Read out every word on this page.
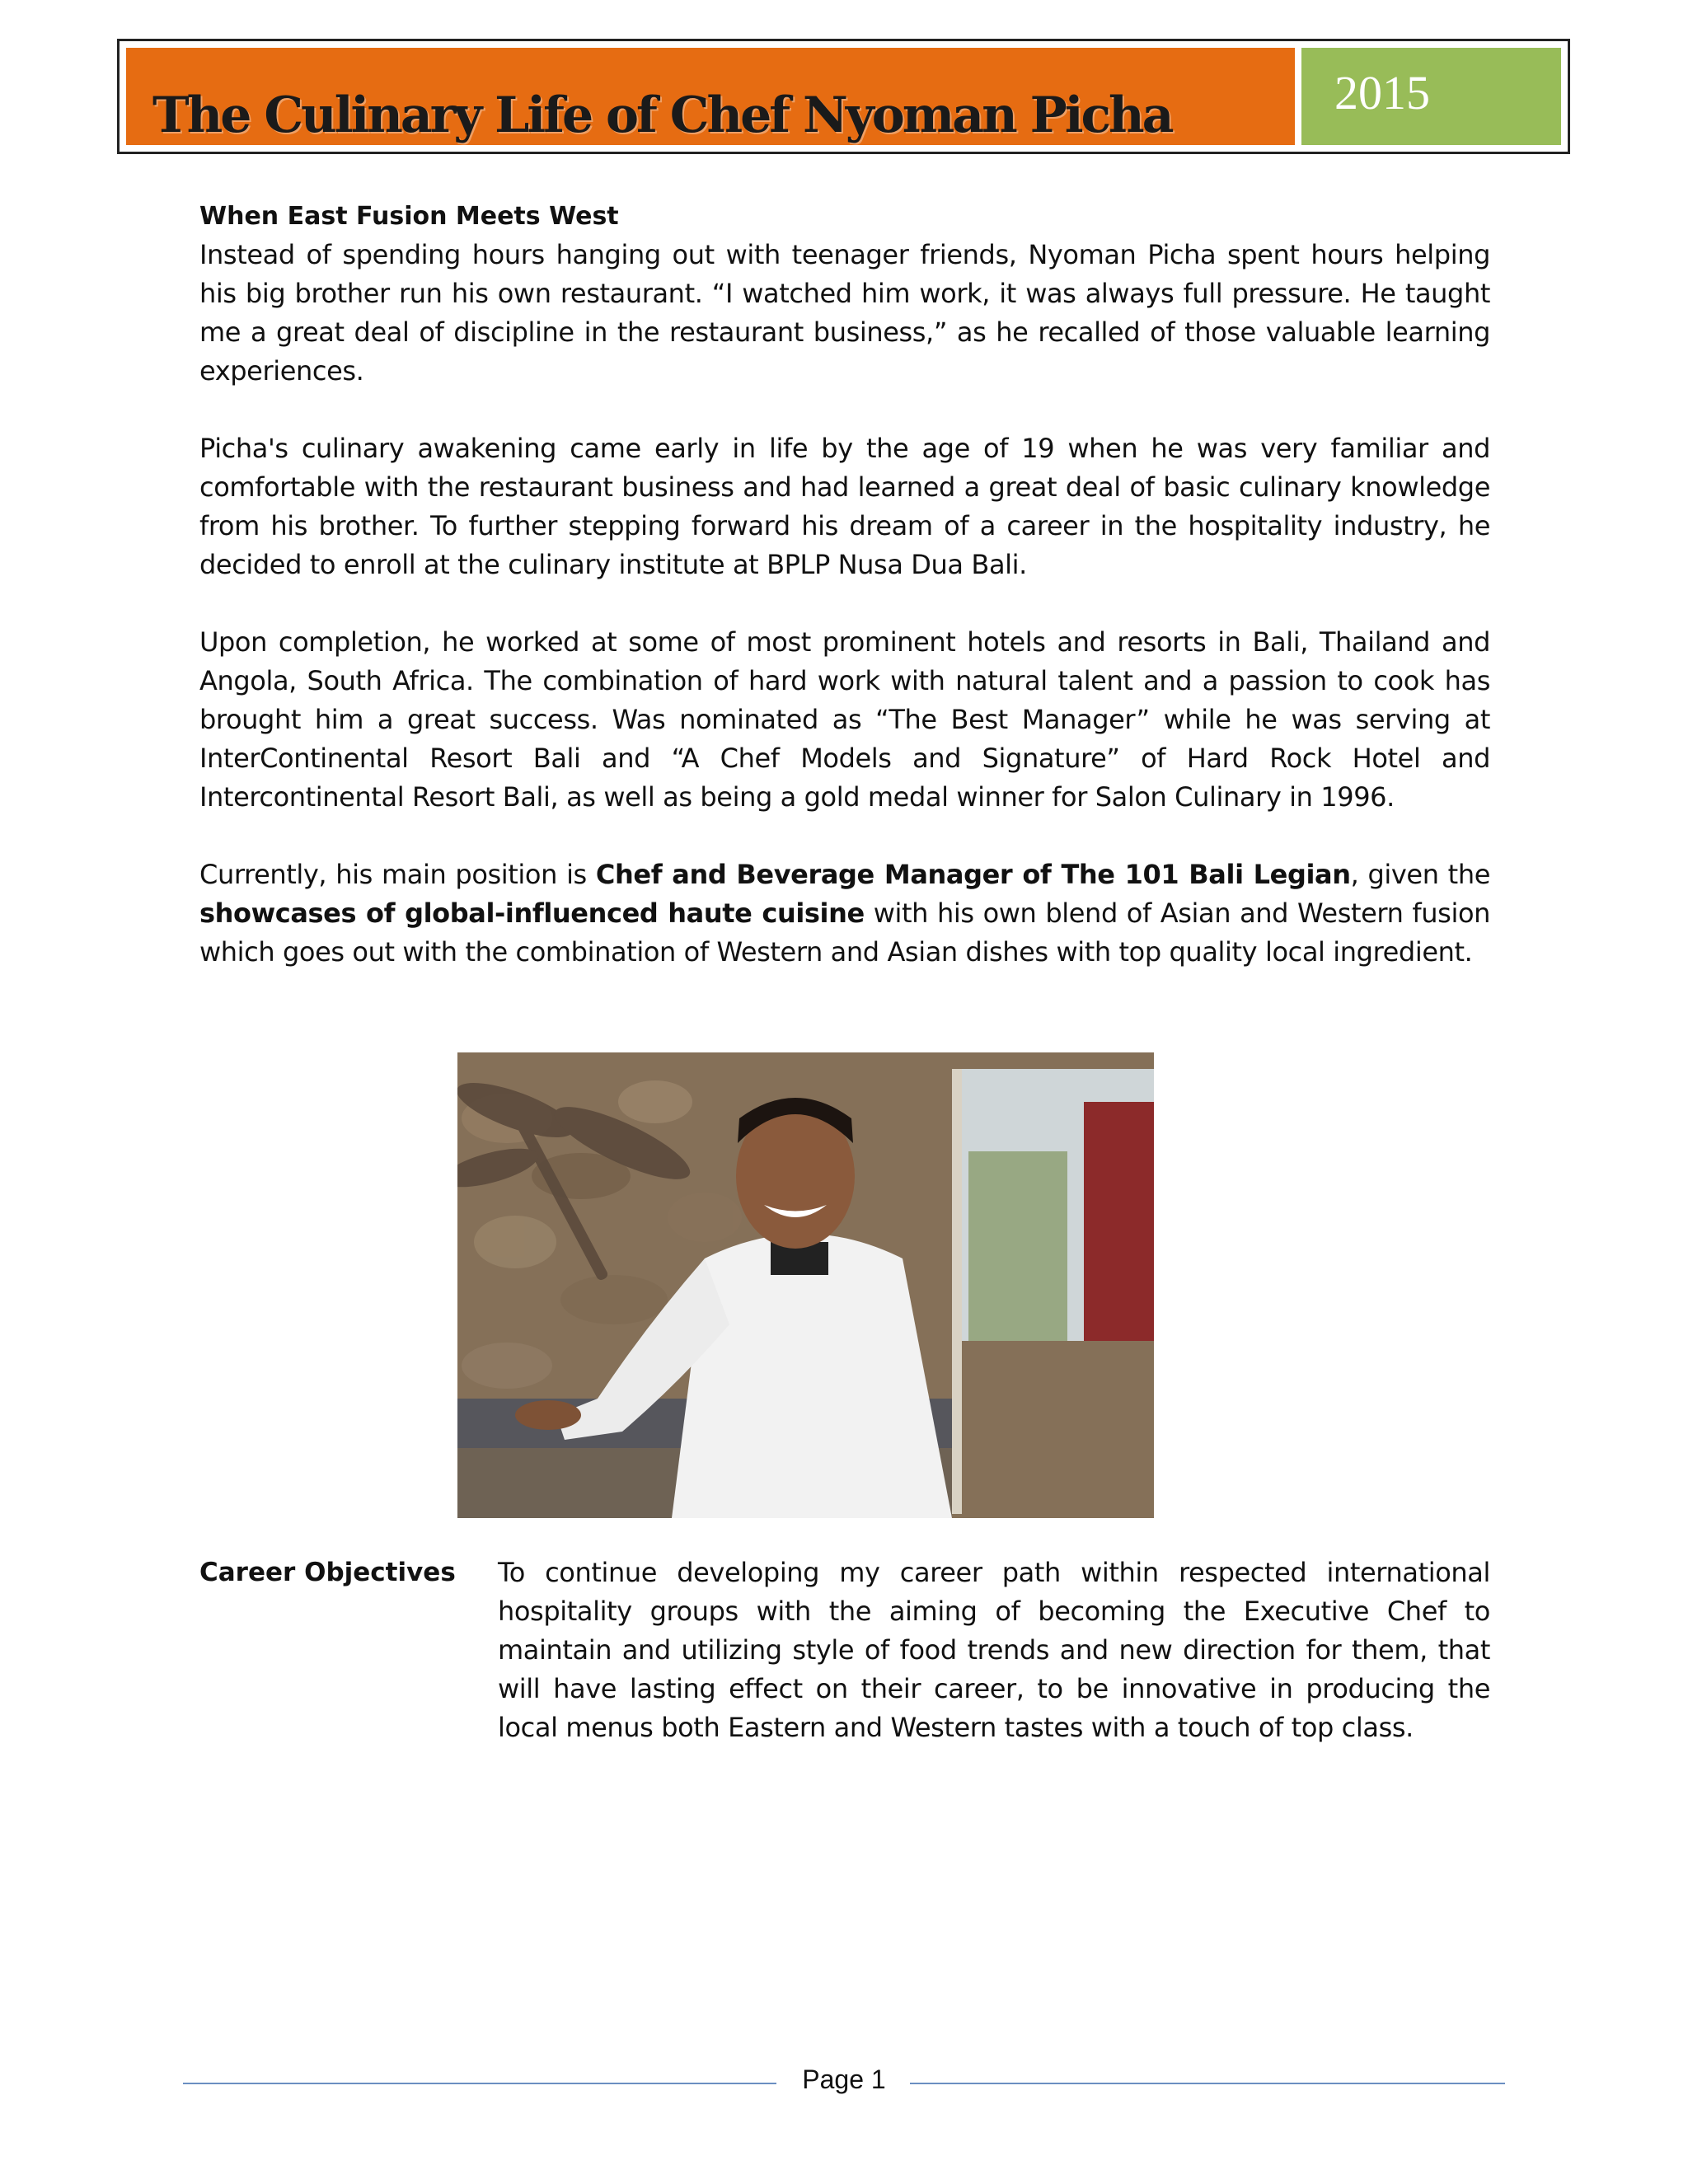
The Culinary Life of Chef Nyoman Picha	2015

When East Fusion Meets West

Instead of spending hours hanging out with teenager friends, Nyoman Picha spent hours helping his big brother run his own restaurant. “I watched him work, it was always full pressure. He taught me a great deal of discipline in the restaurant business,” as he recalled of those valuable learning experiences.

Picha's culinary awakening came early in life by the age of 19 when he was very familiar and comfortable with the restaurant business and had learned a great deal of basic culinary knowledge from his brother. To further stepping forward his dream of a career in the hospitality industry, he decided to enroll at the culinary institute at BPLP Nusa Dua Bali.

Upon completion, he worked at some of most prominent hotels and resorts in Bali, Thailand and Angola, South Africa. The combination of hard work with natural talent and a passion to cook has brought him a great success. Was nominated as “The Best Manager” while he was serving at InterContinental Resort Bali and “A Chef Models and Signature” of Hard Rock Hotel and Intercontinental Resort Bali, as well as being a gold medal winner for Salon Culinary in 1996.

Currently, his main position is Chef and Beverage Manager of The 101 Bali Legian, given the showcases of global-influenced haute cuisine with his own blend of Asian and Western fusion which goes out with the combination of Western and Asian dishes with top quality local ingredient.

Career Objectives To continue developing my career path within respected international hospitality groups with the aiming of becoming the Executive Chef to maintain and utilizing style of food trends and new direction for them, that will have lasting effect on their career, to be innovative in producing the local menus both Eastern and Western tastes with a touch of top class.
Page 1
